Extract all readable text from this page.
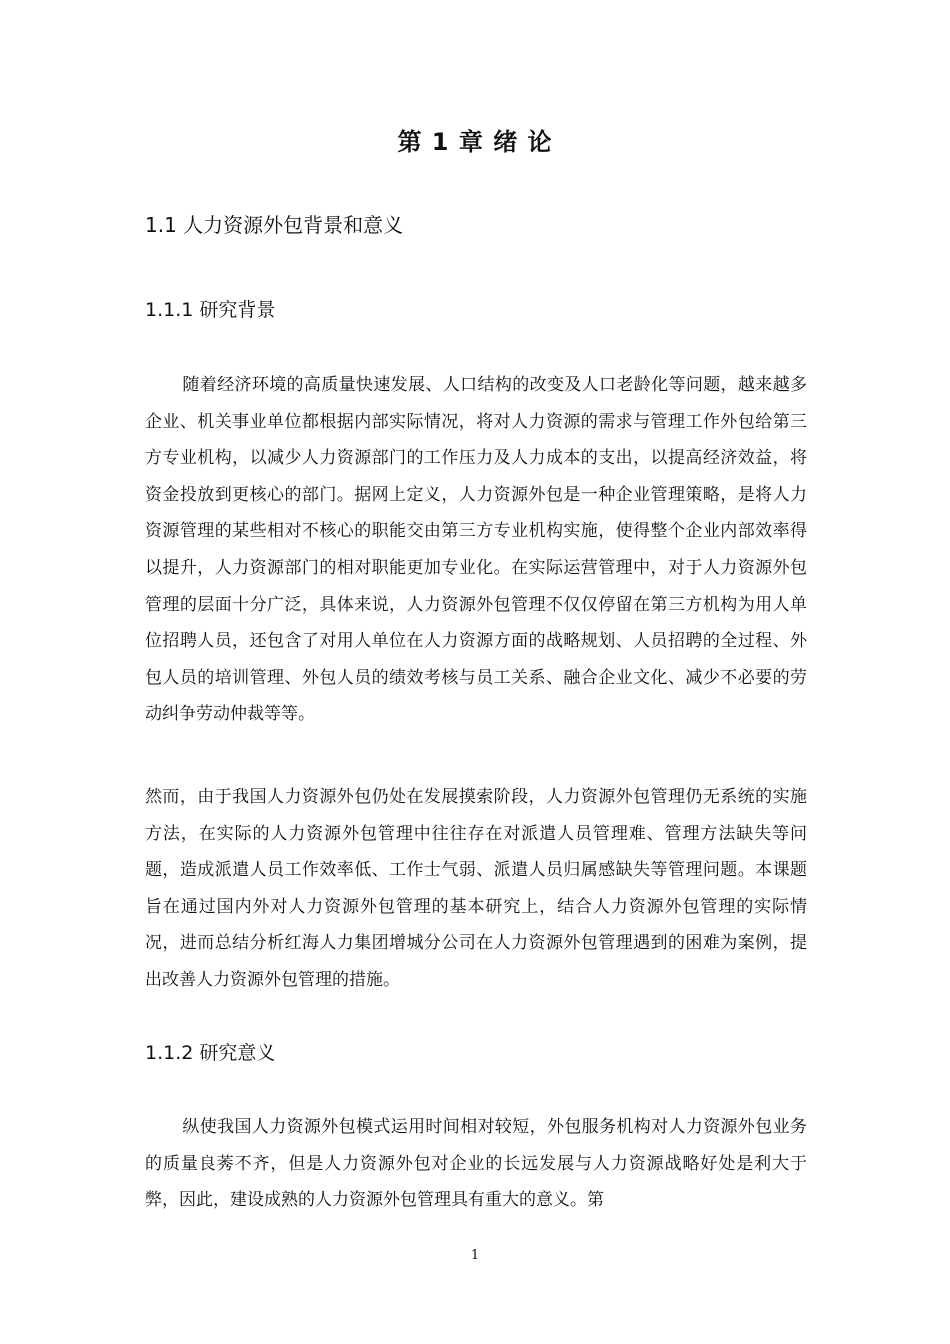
第 1 章 绪 论
1.1 人力资源外包背景和意义
1.1.1 研究背景

随着经济环境的高质量快速发展、人口结构的改变及人口老龄化等问题，越来越多企业、机关事业单位都根据内部实际情况，将对人力资源的需求与管理工作外包给第三方专业机构，以减少人力资源部门的工作压力及人力成本的支出，以提高经济效益，将资金投放到更核心的部门。据网上定义，人力资源外包是一种企业管理策略，是将人力资源管理的某些相对不核心的职能交由第三方专业机构实施，使得整个企业内部效率得以提升，人力资源部门的相对职能更加专业化。在实际运营管理中，对于人力资源外包管理的层面十分广泛，具体来说，人力资源外包管理不仅仅停留在第三方机构为用人单位招聘人员，还包含了对用人单位在人力资源方面的战略规划、人员招聘的全过程、外包人员的培训管理、外包人员的绩效考核与员工关系、融合企业文化、减少不必要的劳动纠争劳动仲裁等等。

然而，由于我国人力资源外包仍处在发展摸索阶段，人力资源外包管理仍无系统的实施方法，在实际的人力资源外包管理中往往存在对派遣人员管理难、管理方法缺失等问题，造成派遣人员工作效率低、工作士气弱、派遣人员归属感缺失等管理问题。本课题旨在通过国内外对人力资源外包管理的基本研究上，结合人力资源外包管理的实际情况，进而总结分析红海人力集团增城分公司在人力资源外包管理遇到的困难为案例，提出改善人力资源外包管理的措施。

1.1.2 研究意义

纵使我国人力资源外包模式运用时间相对较短，外包服务机构对人力资源外包业务的质量良莠不齐，但是人力资源外包对企业的长远发展与人力资源战略好处是利大于弊，因此，建设成熟的人力资源外包管理具有重大的意义。第

1
